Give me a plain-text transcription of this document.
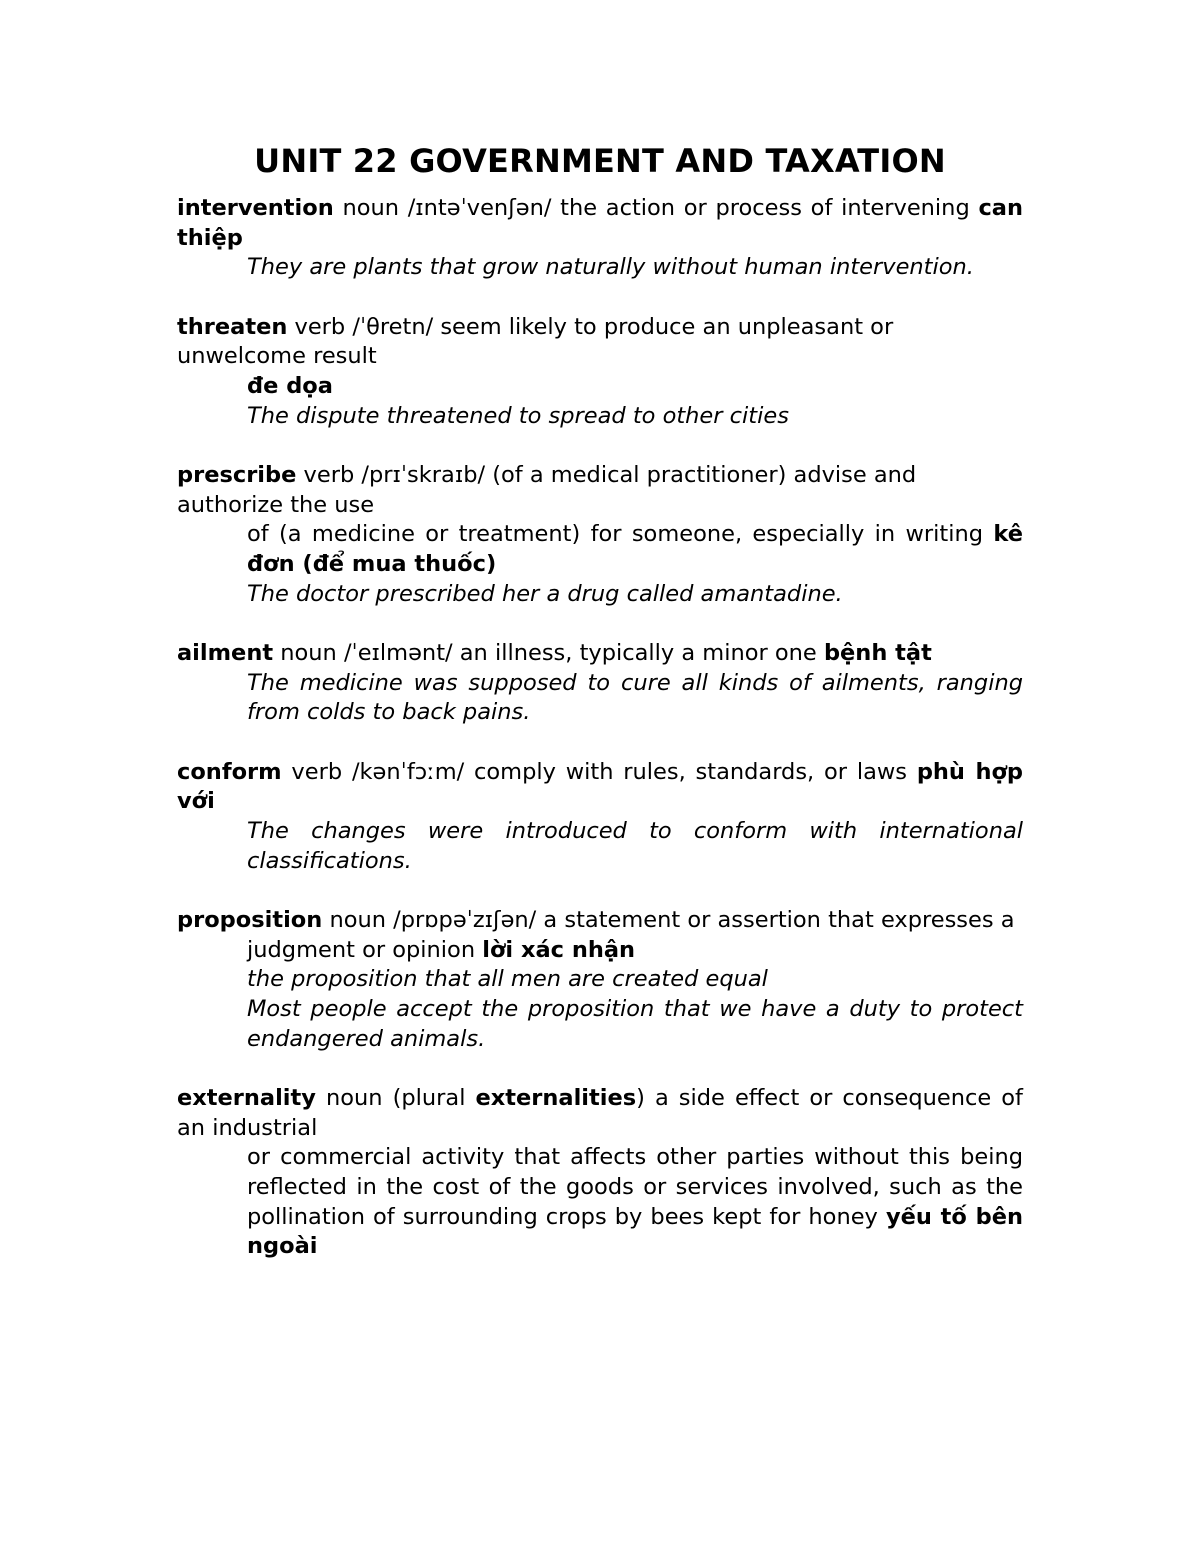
UNIT 22 GOVERNMENT AND TAXATION

intervention noun /ɪntəˈvenʃən/ the action or process of intervening can thiệp

They are plants that grow naturally without human intervention.

threaten verb /ˈθretn/ seem likely to produce an unpleasant or unwelcome result

đe dọa

The dispute threatened to spread to other cities

prescribe verb /prɪˈskraɪb/ (of a medical practitioner) advise and authorize the use

of (a medicine or treatment) for someone, especially in writing kê đơn (để mua thuốc)

The doctor prescribed her a drug called amantadine.

ailment noun /ˈeɪlmənt/ an illness, typically a minor one bệnh tật

The medicine was supposed to cure all kinds of ailments, ranging from colds to back pains.

conform verb /kənˈfɔːm/ comply with rules, standards, or laws phù hợp với

The changes were introduced to conform with international classifications.

proposition noun /prɒpəˈzɪʃən/ a statement or assertion that expresses a

judgment or opinion lời xác nhận

the proposition that all men are created equal

Most people accept the proposition that we have a duty to protect endangered animals.

externality noun (plural externalities) a side effect or consequence of an industrial

or commercial activity that affects other parties without this being reflected in the cost of the goods or services involved, such as the pollination of surrounding crops by bees kept for honey yếu tố bên ngoài
